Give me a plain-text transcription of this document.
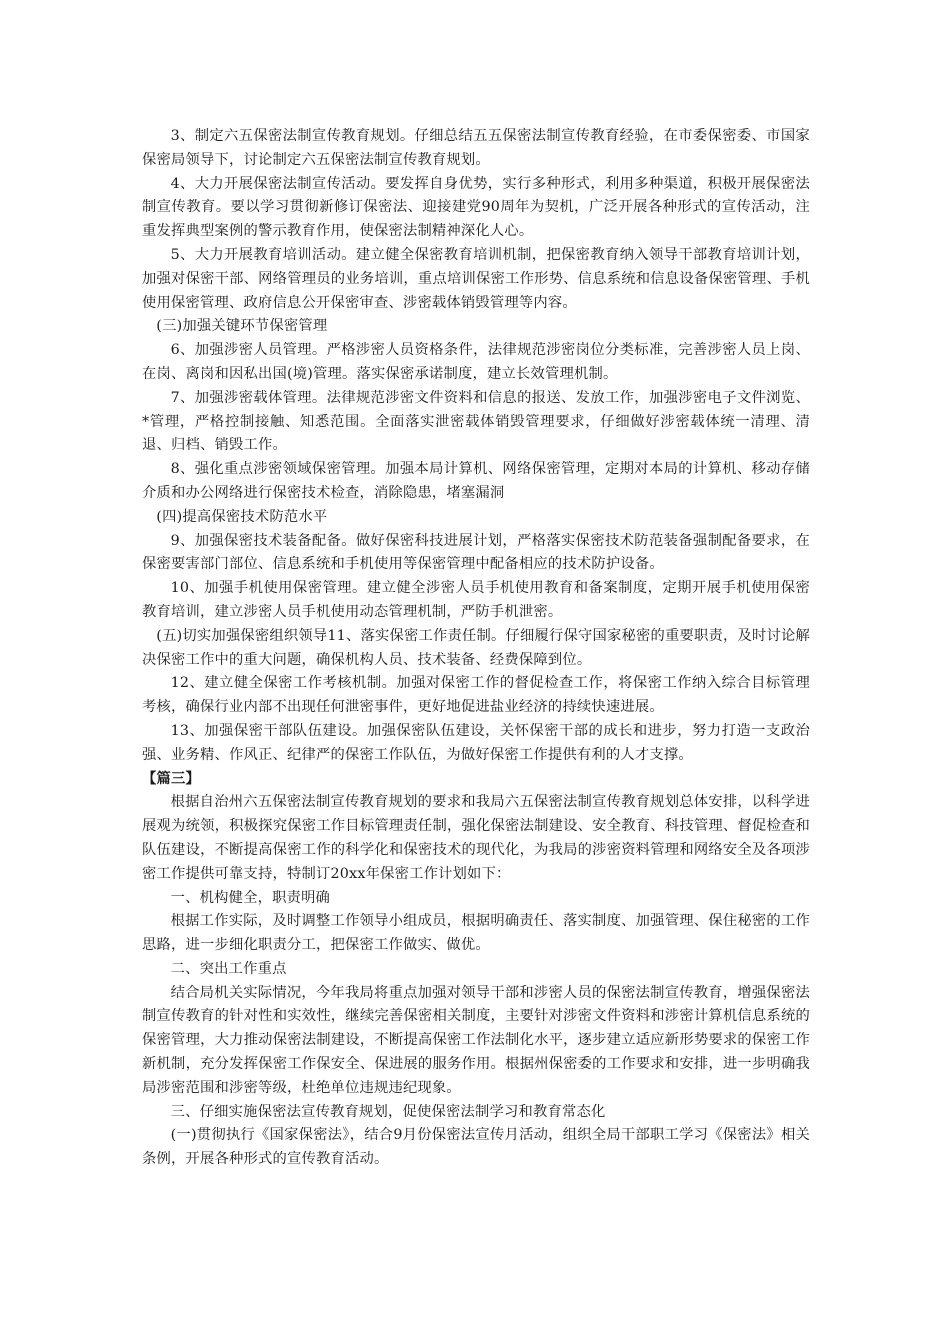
3、制定六五保密法制宣传教育规划。仔细总结五五保密法制宣传教育经验，在市委保密委、市国家保密局领导下，讨论制定六五保密法制宣传教育规划。

4、大力开展保密法制宣传活动。要发挥自身优势，实行多种形式，利用多种渠道，积极开展保密法制宣传教育。要以学习贯彻新修订保密法、迎接建党90周年为契机，广泛开展各种形式的宣传活动，注重发挥典型案例的警示教育作用，使保密法制精神深化人心。

5、大力开展教育培训活动。建立健全保密教育培训机制，把保密教育纳入领导干部教育培训计划，加强对保密干部、网络管理员的业务培训，重点培训保密工作形势、信息系统和信息设备保密管理、手机使用保密管理、政府信息公开保密审查、涉密载体销毁管理等内容。

(三)加强关键环节保密管理

6、加强涉密人员管理。严格涉密人员资格条件，法律规范涉密岗位分类标准，完善涉密人员上岗、在岗、离岗和因私出国(境)管理。落实保密承诺制度，建立长效管理机制。

7、加强涉密载体管理。法律规范涉密文件资料和信息的报送、发放工作，加强涉密电子文件浏览、*管理，严格控制接触、知悉范围。全面落实泄密载体销毁管理要求，仔细做好涉密载体统一清理、清退、归档、销毁工作。

8、强化重点涉密领域保密管理。加强本局计算机、网络保密管理，定期对本局的计算机、移动存储介质和办公网络进行保密技术检查，消除隐患，堵塞漏洞

(四)提高保密技术防范水平

9、加强保密技术装备配备。做好保密科技进展计划，严格落实保密技术防范装备强制配备要求，在保密要害部门部位、信息系统和手机使用等保密管理中配备相应的技术防护设备。

10、加强手机使用保密管理。建立健全涉密人员手机使用教育和备案制度，定期开展手机使用保密教育培训，建立涉密人员手机使用动态管理机制，严防手机泄密。

(五)切实加强保密组织领导11、落实保密工作责任制。仔细履行保守国家秘密的重要职责，及时讨论解决保密工作中的重大问题，确保机构人员、技术装备、经费保障到位。

12、建立健全保密工作考核机制。加强对保密工作的督促检查工作，将保密工作纳入综合目标管理考核，确保行业内部不出现任何泄密事件，更好地促进盐业经济的持续快速进展。

13、加强保密干部队伍建设。加强保密队伍建设，关怀保密干部的成长和进步，努力打造一支政治强、业务精、作风正、纪律严的保密工作队伍，为做好保密工作提供有利的人才支撑。

【篇三】

根据自治州六五保密法制宣传教育规划的要求和我局六五保密法制宣传教育规划总体安排，以科学进展观为统领，积极探究保密工作目标管理责任制，强化保密法制建设、安全教育、科技管理、督促检查和队伍建设，不断提高保密工作的科学化和保密技术的现代化，为我局的涉密资料管理和网络安全及各项涉密工作提供可靠支持，特制订20xx年保密工作计划如下：

一、机构健全，职责明确

根据工作实际，及时调整工作领导小组成员，根据明确责任、落实制度、加强管理、保住秘密的工作思路，进一步细化职责分工，把保密工作做实、做优。

二、突出工作重点

结合局机关实际情况，今年我局将重点加强对领导干部和涉密人员的保密法制宣传教育，增强保密法制宣传教育的针对性和实效性，继续完善保密相关制度，主要针对涉密文件资料和涉密计算机信息系统的保密管理，大力推动保密法制建设，不断提高保密工作法制化水平，逐步建立适应新形势要求的保密工作新机制，充分发挥保密工作保安全、保进展的服务作用。根据州保密委的工作要求和安排，进一步明确我局涉密范围和涉密等级，杜绝单位违规违纪现象。

三、仔细实施保密法宣传教育规划，促使保密法制学习和教育常态化

(一)贯彻执行《国家保密法》，结合9月份保密法宣传月活动，组织全局干部职工学习《保密法》相关条例，开展各种形式的宣传教育活动。
